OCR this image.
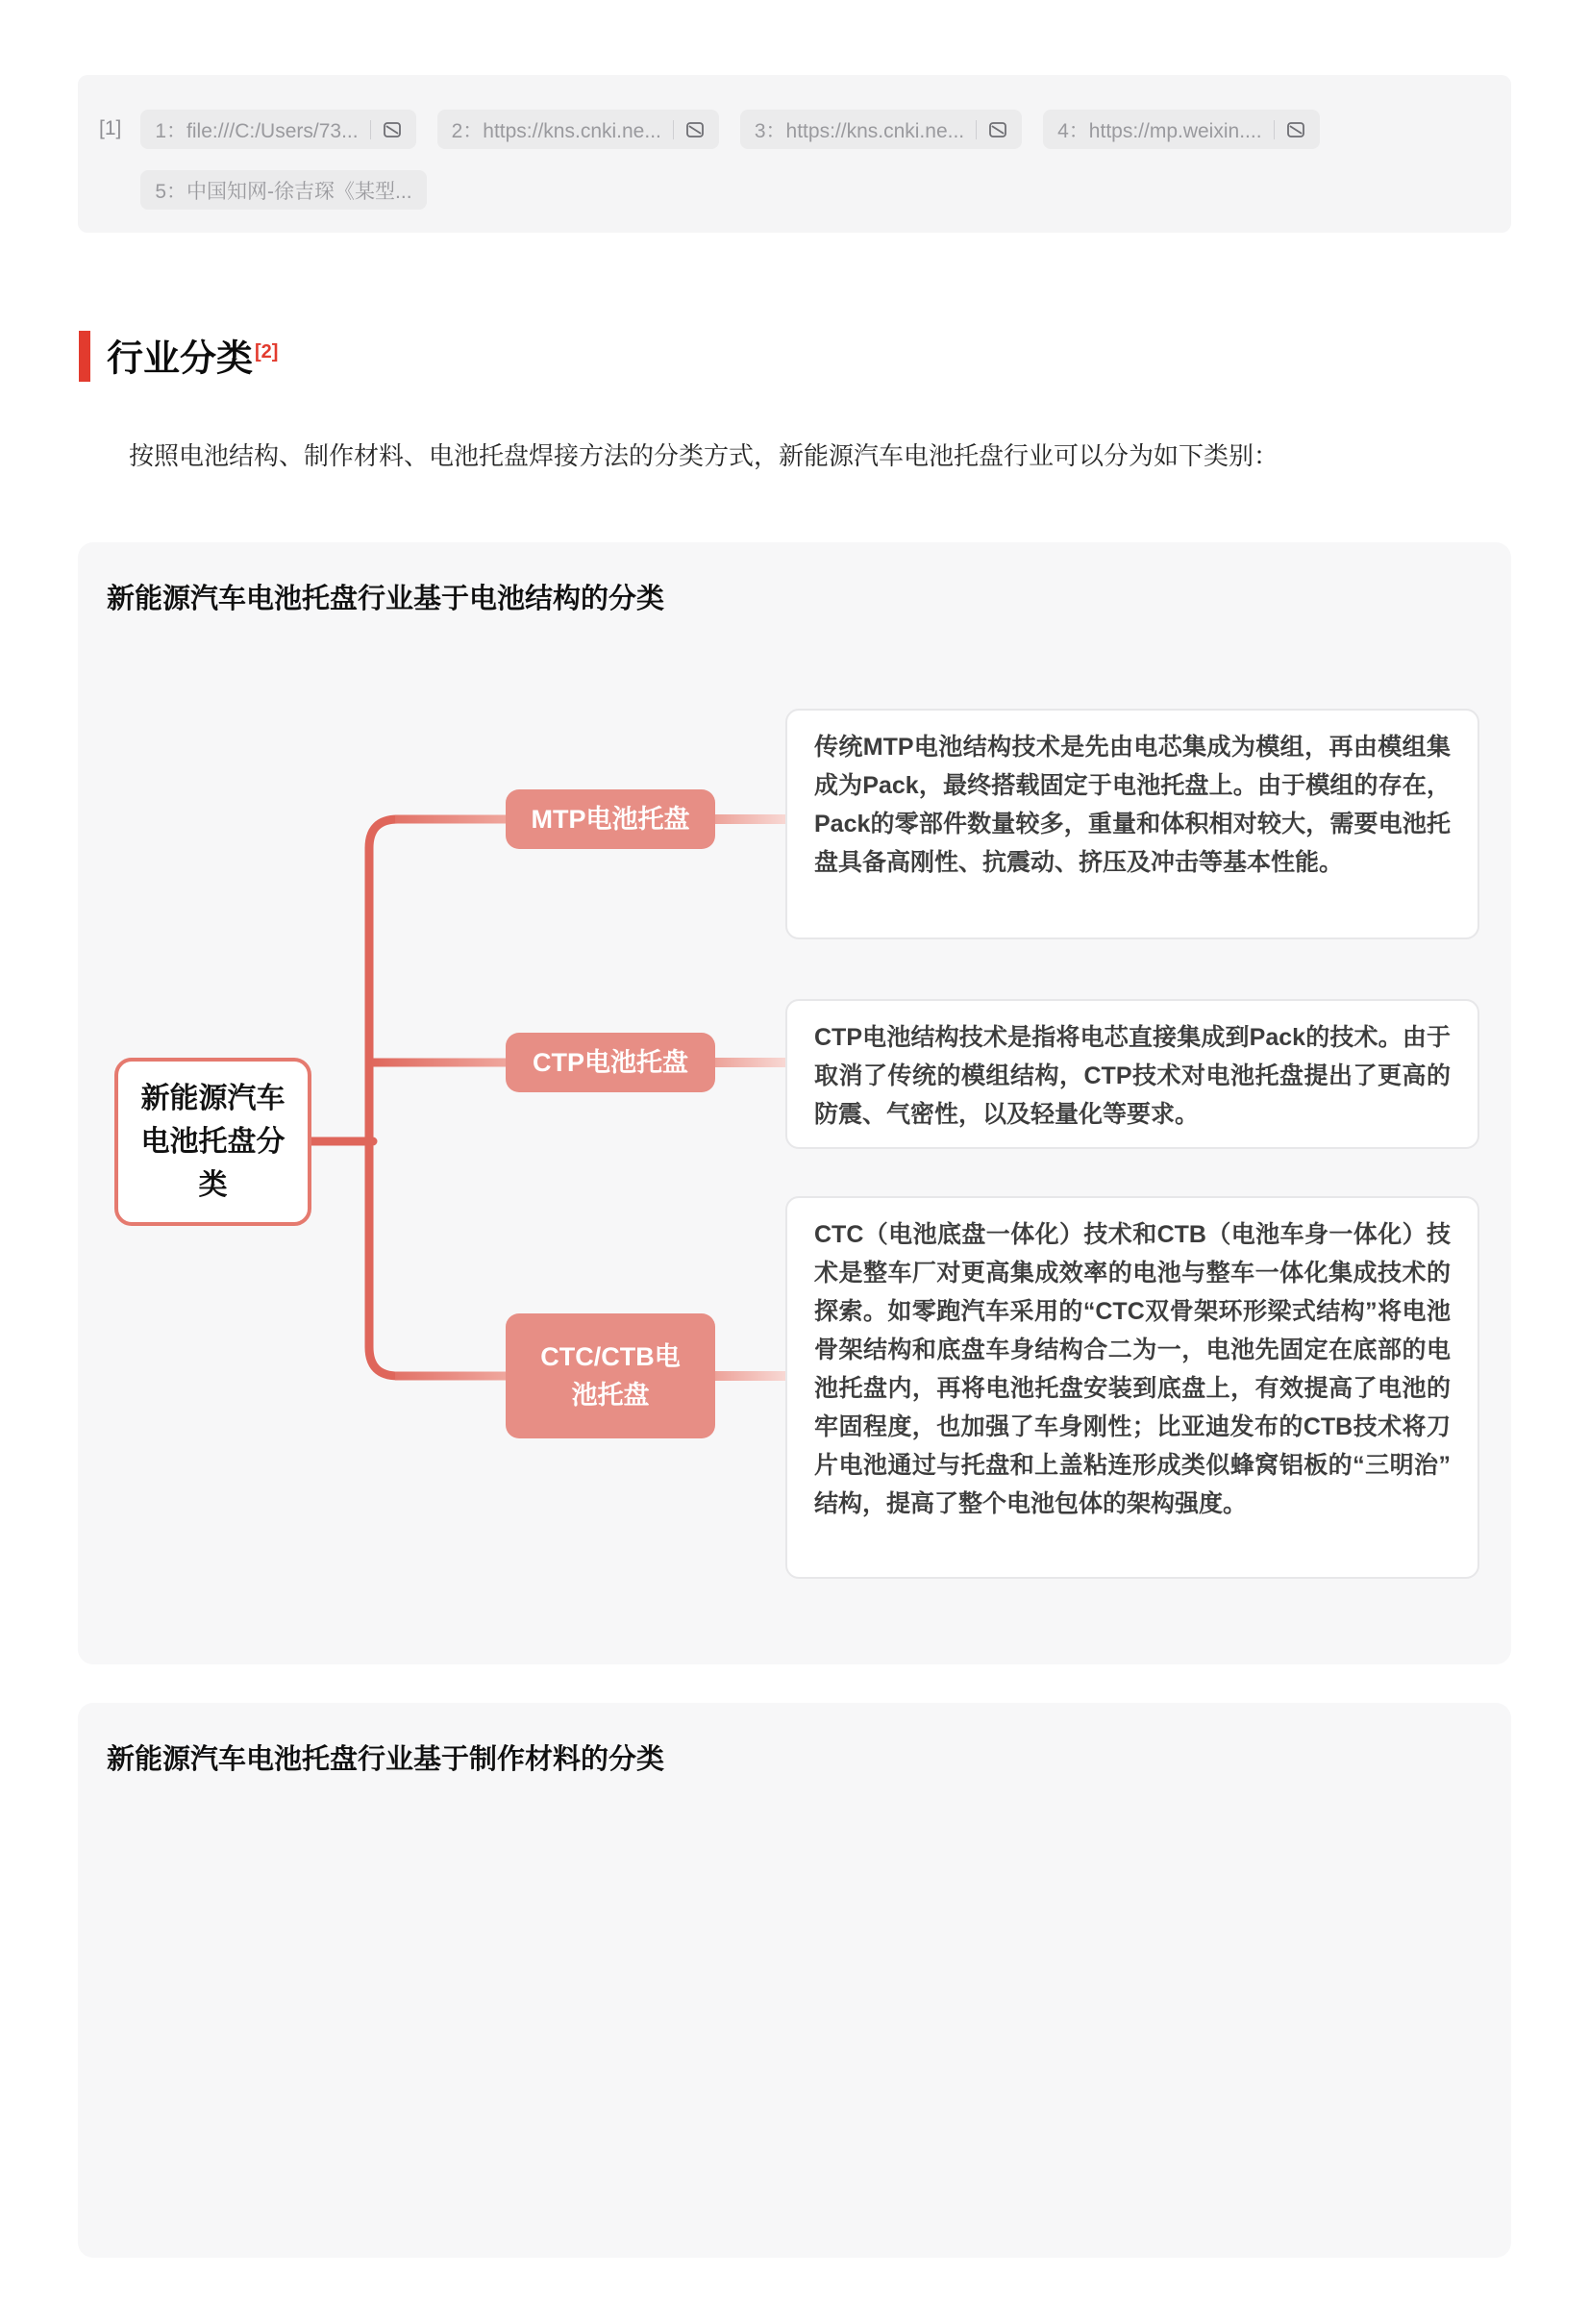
[1] 1：file:///C:/Users/73...	2：https://kns.cnki.ne...	3：https://kns.cnki.ne...	4：https://mp.weixin....
5：中国知网-徐吉琛《某型...
行业分类 [2]

按照电池结构、制作材料、电池托盘焊接方法的分类方式，新能源汽车电池托盘行业可以分为如下类别：

新能源汽车电池托盘行业基于电池结构的分类
新能源汽车电池托盘分类
MTP电池托盘
CTP电池托盘
CTC/CTB电池托盘
传统MTP电池结构技术是先由电芯集成为模组，再由模组集成为Pack，最终搭载固定于电池托盘上。由于模组的存在，Pack的零部件数量较多，重量和体积相对较大，需要电池托盘具备高刚性、抗震动、挤压及冲击等基本性能。
CTP电池结构技术是指将电芯直接集成到Pack的技术。由于取消了传统的模组结构，CTP技术对电池托盘提出了更高的防震、气密性，以及轻量化等要求。
CTC（电池底盘一体化）技术和CTB（电池车身一体化）技术是整车厂对更高集成效率的电池与整车一体化集成技术的探索。如零跑汽车采用的“CTC双骨架环形梁式结构”将电池骨架结构和底盘车身结构合二为一，电池先固定在底部的电池托盘内，再将电池托盘安装到底盘上，有效提高了电池的牢固程度，也加强了车身刚性；比亚迪发布的CTB技术将刀片电池通过与托盘和上盖粘连形成类似蜂窝铝板的“三明治”结构，提高了整个电池包体的架构强度。
新能源汽车电池托盘行业基于制作材料的分类
